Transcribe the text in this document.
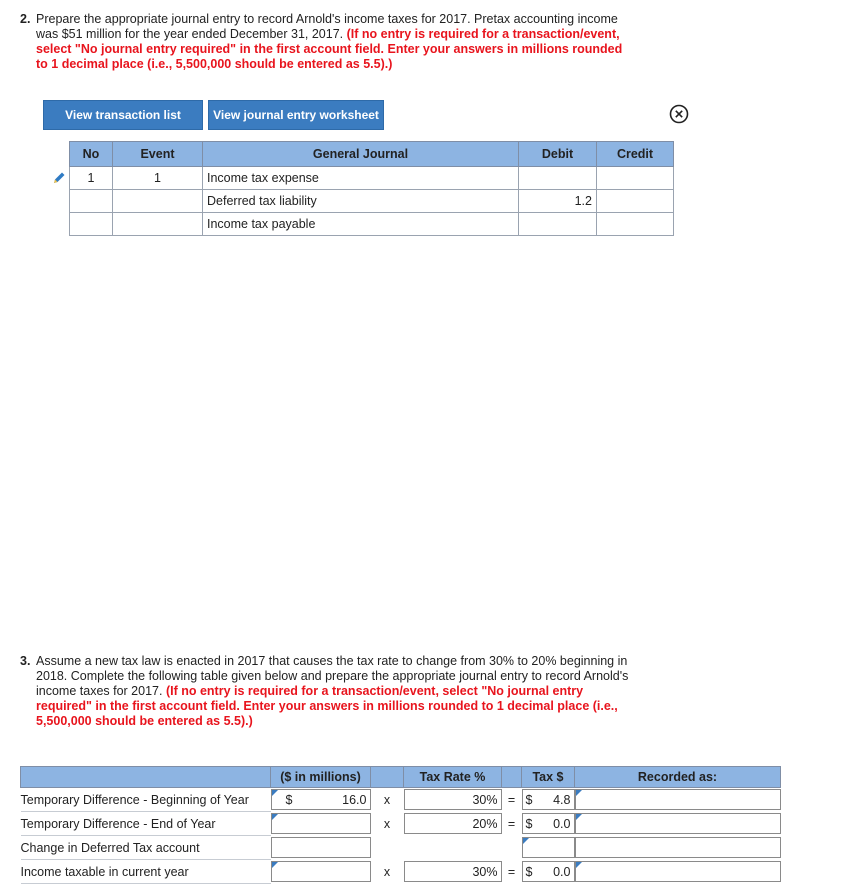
2. Prepare the appropriate journal entry to record Arnold's income taxes for 2017. Pretax accounting income was $51 million for the year ended December 31, 2017. (If no entry is required for a transaction/event, select "No journal entry required" in the first account field. Enter your answers in millions rounded to 1 decimal place (i.e., 5,500,000 should be entered as 5.5).)
View transaction list	View journal entry worksheet
No	Event	General Journal	Debit	Credit
1	1	Income tax expense		
		Deferred tax liability	1.2	
		Income tax payable		
3. Assume a new tax law is enacted in 2017 that causes the tax rate to change from 30% to 20% beginning in 2018. Complete the following table given below and prepare the appropriate journal entry to record Arnold's income taxes for 2017. (If no entry is required for a transaction/event, select "No journal entry required" in the first account field. Enter your answers in millions rounded to 1 decimal place (i.e., 5,500,000 should be entered as 5.5).)
	($ in millions)		Tax Rate %		Tax $	Recorded as:
Temporary Difference - Beginning of Year	$ 16.0	x	30%	=	$ 4.8	

Temporary Difference - End of Year		x	20%	=	$ 0.0	

Change in Deferred Tax account	

Income taxable in current year		x	30%	=	$ 0.0	
